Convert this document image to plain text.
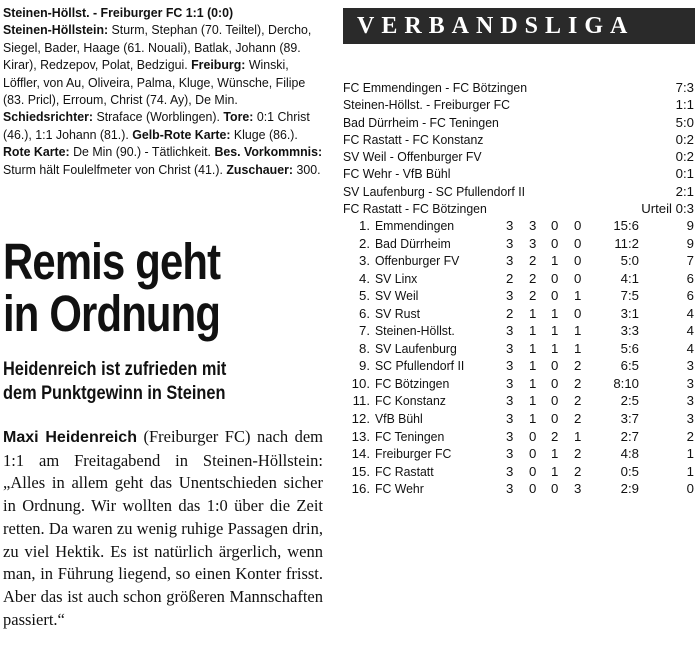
Steinen-Höllst. - Freiburger FC 1:1 (0:0)

Steinen-Höllstein: Sturm, Stephan (70. Teiltel), Dercho, Siegel, Bader, Haage (61. Nouali), Batlak, Johann (89. Kirar), Redzepov, Polat, Bedzigui. Freiburg: Winski, Löffler, von Au, Oliveira, Palma, Kluge, Wünsche, Filipe (83. Pricl), Erroum, Christ (74. Ay), De Min. Schiedsrichter: Straface (Worblingen). Tore: 0:1 Christ (46.), 1:1 Johann (81.). Gelb-Rote Karte: Kluge (86.). Rote Karte: De Min (90.) - Tätlichkeit. Bes. Vorkommnis: Sturm hält Foulelfmeter von Christ (41.). Zuschauer: 300.

Remis geht
in Ordnung
Heidenreich ist zufrieden mit
dem Punktgewinn in Steinen
Maxi Heidenreich (Freiburger FC) nach dem 1:1 am Freitagabend in Steinen-Höllstein: „Alles in allem geht das Unentschieden sicher in Ordnung. Wir wollten das 1:0 über die Zeit retten. Da waren zu wenig ruhige Passagen drin, zu viel Hektik. Es ist natürlich ärgerlich, wenn man, in Führung liegend, so einen Konter frisst. Aber das ist auch schon größeren Mannschaften passiert.“
VERBANDSLIGA
FC Emmendingen - FC Bötzingen	7:3
Steinen-Höllst. - Freiburger FC	1:1
Bad Dürrheim - FC Teningen	5:0
FC Rastatt - FC Konstanz	0:2
SV Weil - Offenburger FV	0:2
FC Wehr - VfB Bühl	0:1
SV Laufenburg - SC Pfullendorf II	2:1
FC Rastatt - FC Bötzingen	Urteil 0:3
1. Emmendingen	3 3 0 0	15:6	9
2. Bad Dürrheim	3 3 0 0	11:2	9
3. Offenburger FV	3 2 1 0	5:0	7
4. SV Linx	2 2 0 0	4:1	6
5. SV Weil	3 2 0 1	7:5	6
6. SV Rust	2 1 1 0	3:1	4
7. Steinen-Höllst.	3 1 1 1	3:3	4
8. SV Laufenburg	3 1 1 1	5:6	4
9. SC Pfullendorf II	3 1 0 2	6:5	3
10. FC Bötzingen	3 1 0 2	8:10	3
11. FC Konstanz	3 1 0 2	2:5	3
12. VfB Bühl	3 1 0 2	3:7	3
13. FC Teningen	3 0 2 1	2:7	2
14. Freiburger FC	3 0 1 2	4:8	1
15. FC Rastatt	3 0 1 2	0:5	1
16. FC Wehr	3 0 0 3	2:9	0
